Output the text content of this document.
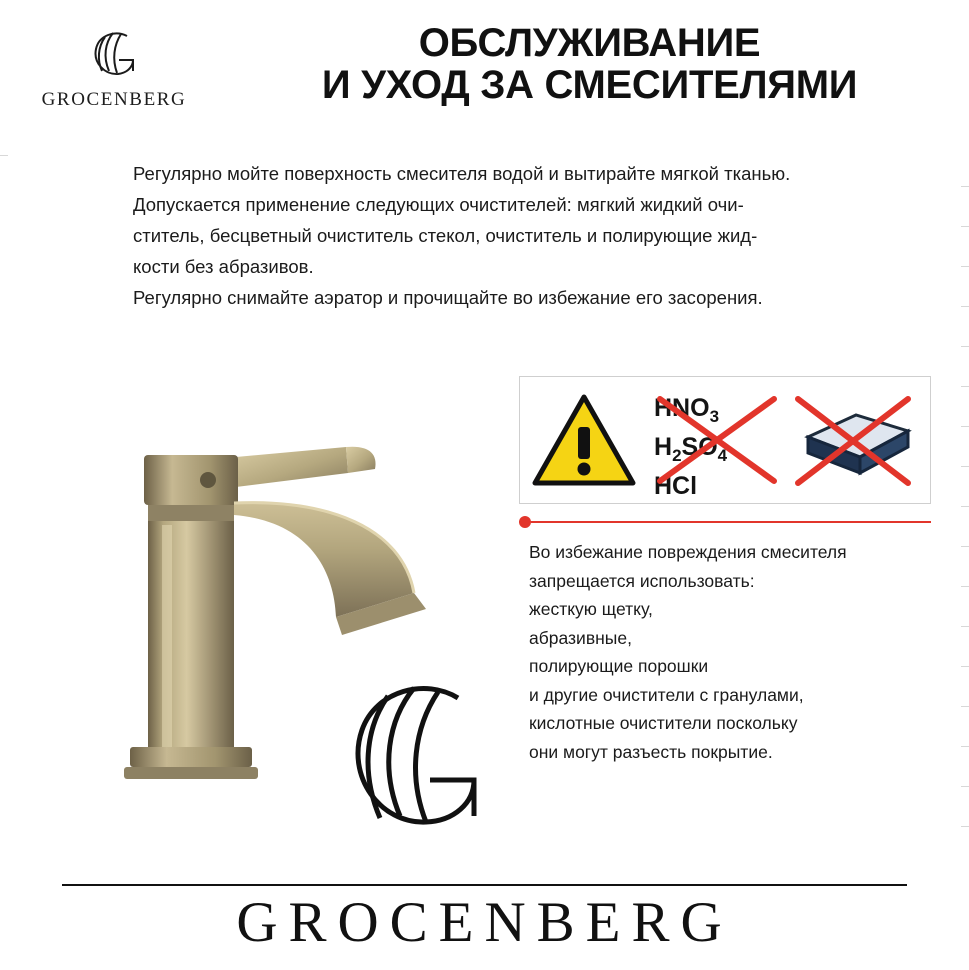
GROCENBERG
ОБСЛУЖИВАНИЕ
И УХОД ЗА СМЕСИТЕЛЯМИ

Регулярно мойте поверхность смесителя водой и вытирайте мягкой тканью.

Допускается применение следующих очистителей: мягкий жидкий очи-

ститель, бесцветный очиститель стекол, очиститель и полирующие жид-

кости без абразивов.

Регулярно снимайте аэратор и прочищайте во избежание его засорения.

$HNO_3$
$H_2SO_4$
HCl

Во избежание повреждения смесителя

запрещается использовать:

жесткую щетку,

абразивные,

полирующие порошки

и другие очистители с гранулами,

кислотные очистители поскольку

они могут разъесть покрытие.

GROCENBERG
